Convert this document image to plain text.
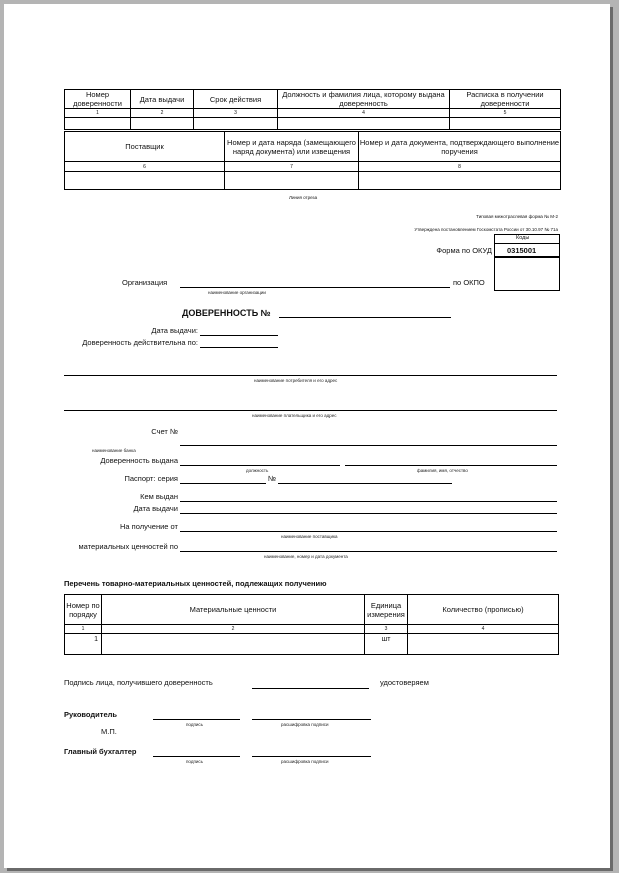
Номер доверенности	Дата выдачи	Срок действия	Должность и фамилия лица, которому выдана доверенность	Расписка в получении доверенности
1	2	3	4	5

Поставщик	Номер и дата наряда (замещающего наряд документа) или извещения	Номер и дата документа, подтверждающего выполнение поручения
6	7	8

Линия отреза
Типовая межотраслевая форма № М-2
Утверждена постановлением Госкомстата России от 30.10.97 № 71а
Коды
Форма по ОКУД 0315001
Организация
наименование организации
по ОКПО
ДОВЕРЕННОСТЬ №
Дата выдачи:
Доверенность действительна по:
наименование потребителя и его адрес
наименование плательщика и его адрес
Счет №
наименование банка
Доверенность выдана
должность	фамилия, имя, отчество
Паспорт: серия	№
Кем выдан
Дата выдачи
На получение от
наименование поставщика
материальных ценностей по
наименование, номер и дата документа
Перечень товарно-материальных ценностей, подлежащих получению
Номер по порядку	Материальные ценности	Единица измерения	Количество (прописью)
1	2	3	4
1		шт	
Подпись лица, получившего доверенность	удостоверяем
Руководитель
подпись	расшифровка подписи
М.П.
Главный бухгалтер
подпись	расшифровка подписи
